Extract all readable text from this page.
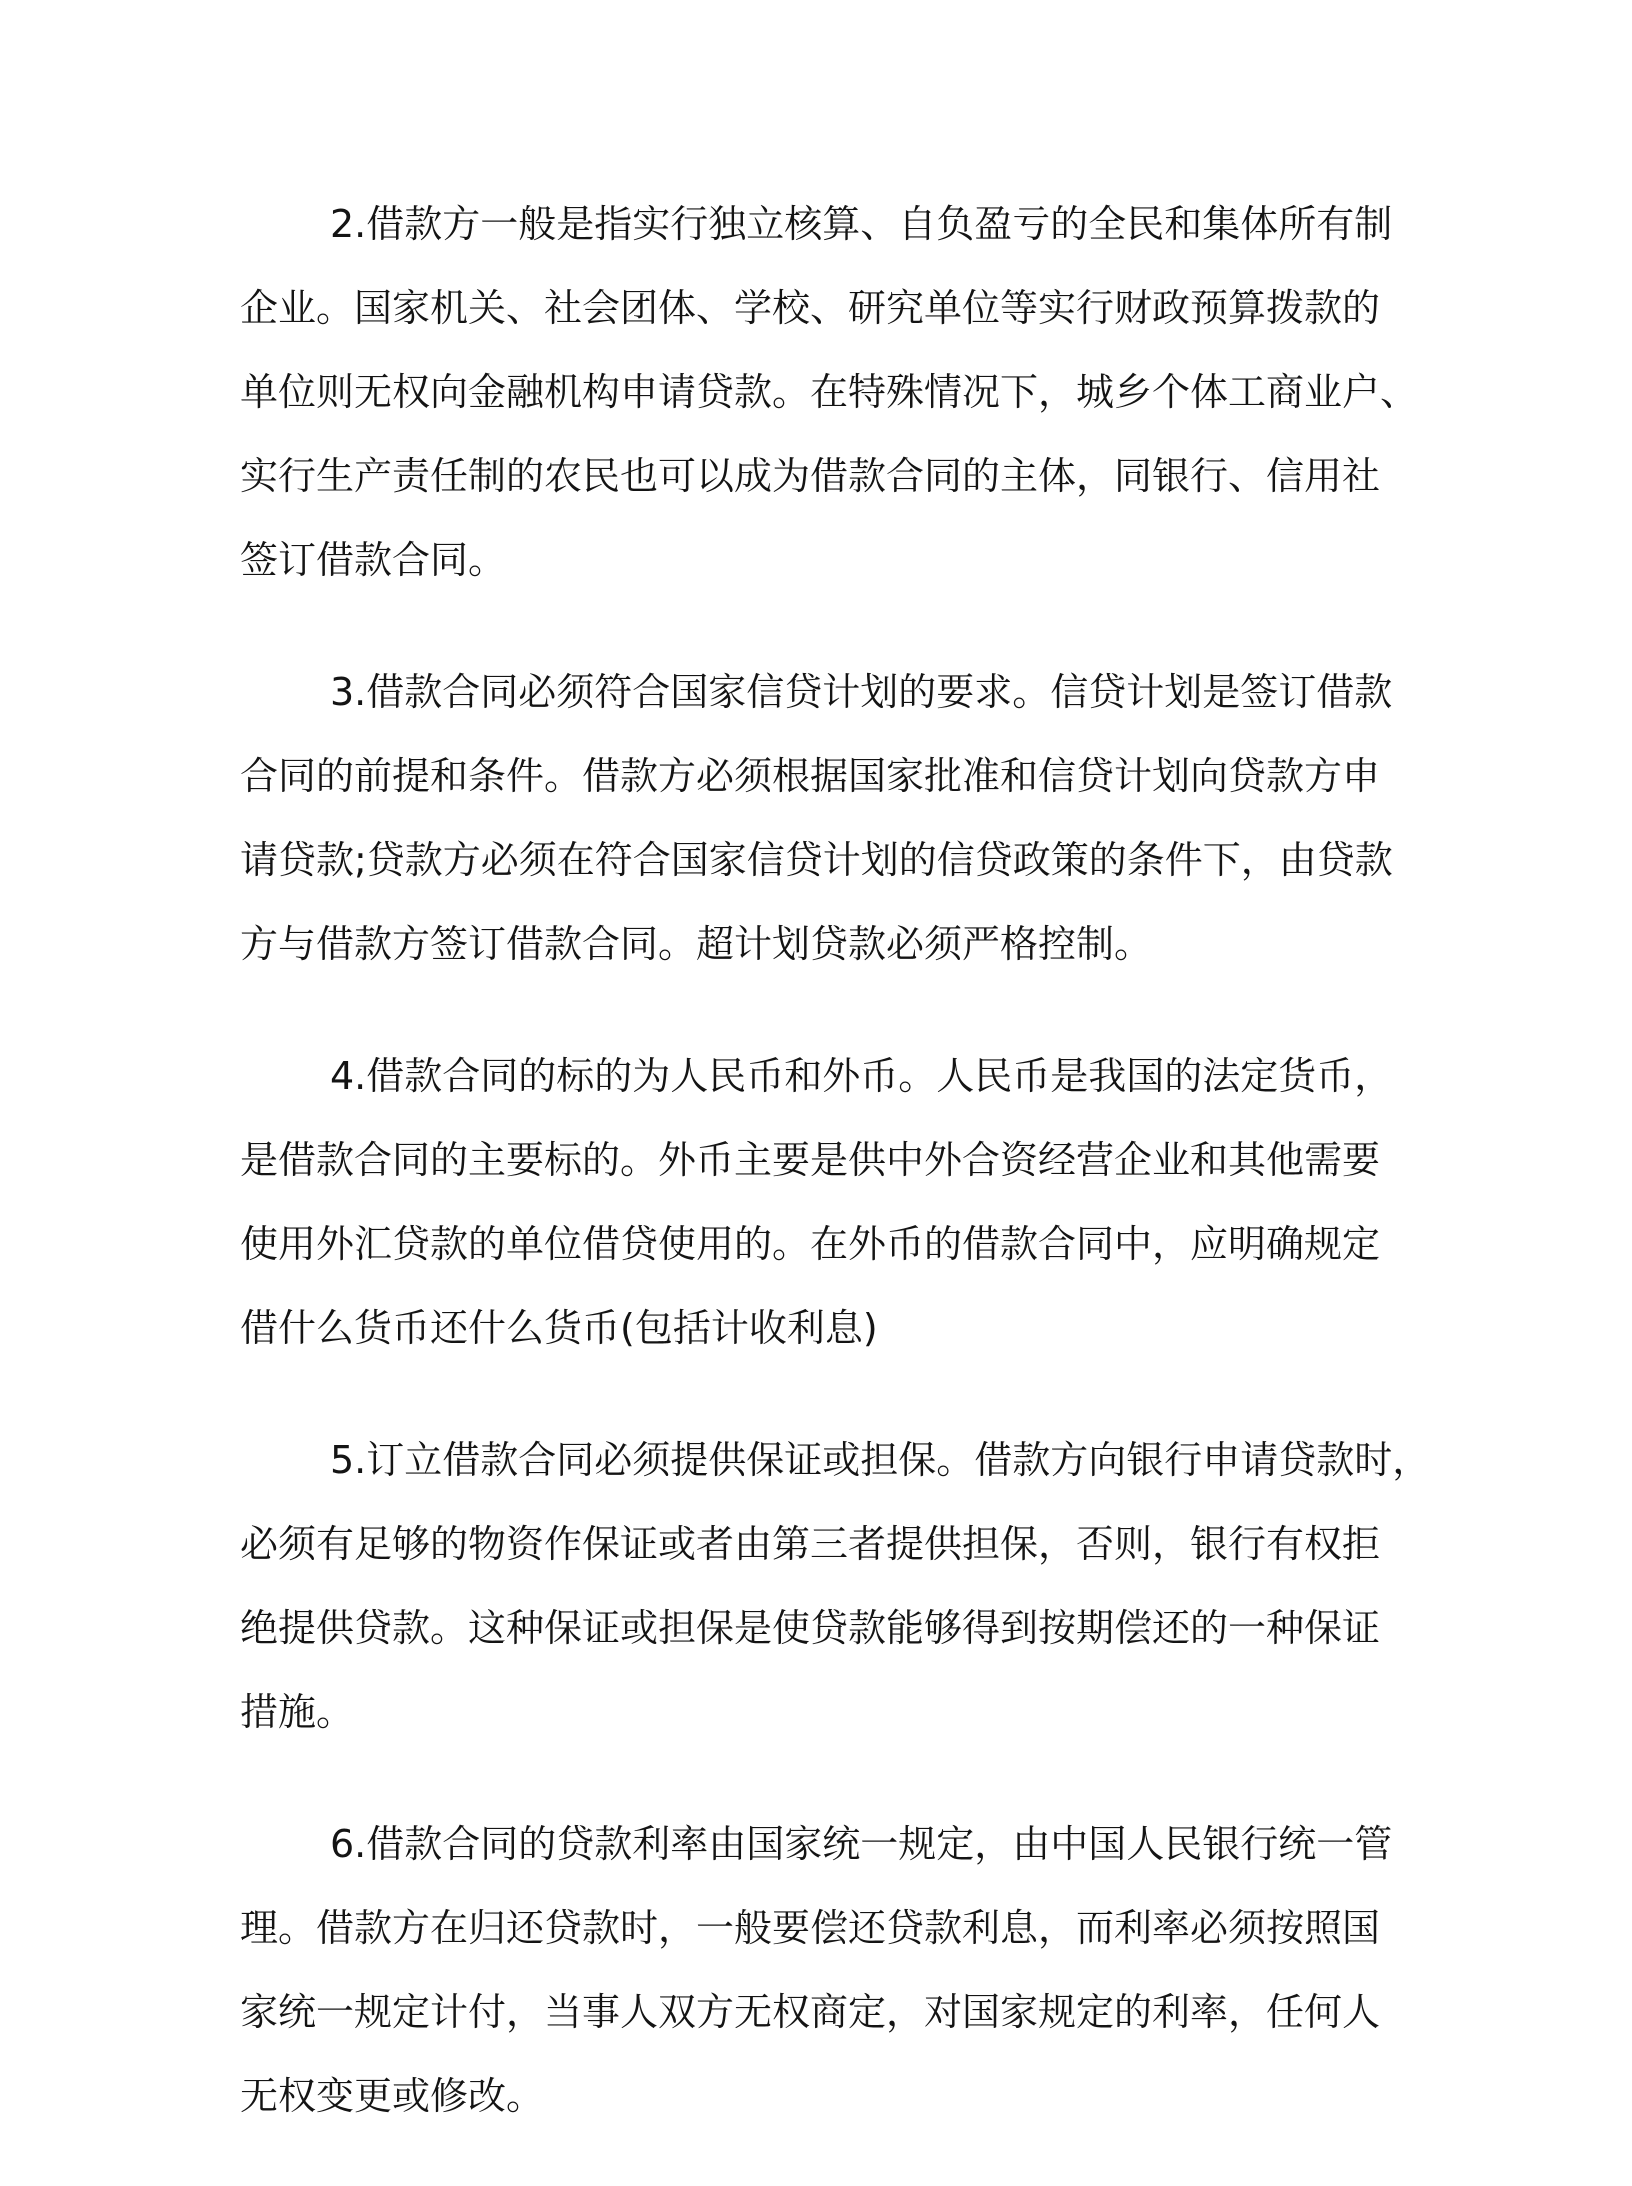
2.借款方一般是指实行独立核算、自负盈亏的全民和集体所有制
企业。国家机关、社会团体、学校、研究单位等实行财政预算拨款的
单位则无权向金融机构申请贷款。在特殊情况下，城乡个体工商业户、
实行生产责任制的农民也可以成为借款合同的主体，同银行、信用社
签订借款合同。
3.借款合同必须符合国家信贷计划的要求。信贷计划是签订借款
合同的前提和条件。借款方必须根据国家批准和信贷计划向贷款方申
请贷款;贷款方必须在符合国家信贷计划的信贷政策的条件下，由贷款
方与借款方签订借款合同。超计划贷款必须严格控制。
4.借款合同的标的为人民币和外币。人民币是我国的法定货币，
是借款合同的主要标的。外币主要是供中外合资经营企业和其他需要
使用外汇贷款的单位借贷使用的。在外币的借款合同中，应明确规定
借什么货币还什么货币(包括计收利息)
5.订立借款合同必须提供保证或担保。借款方向银行申请贷款时，
必须有足够的物资作保证或者由第三者提供担保，否则，银行有权拒
绝提供贷款。这种保证或担保是使贷款能够得到按期偿还的一种保证
措施。
6.借款合同的贷款利率由国家统一规定，由中国人民银行统一管
理。借款方在归还贷款时，一般要偿还贷款利息，而利率必须按照国
家统一规定计付，当事人双方无权商定，对国家规定的利率，任何人
无权变更或修改。
